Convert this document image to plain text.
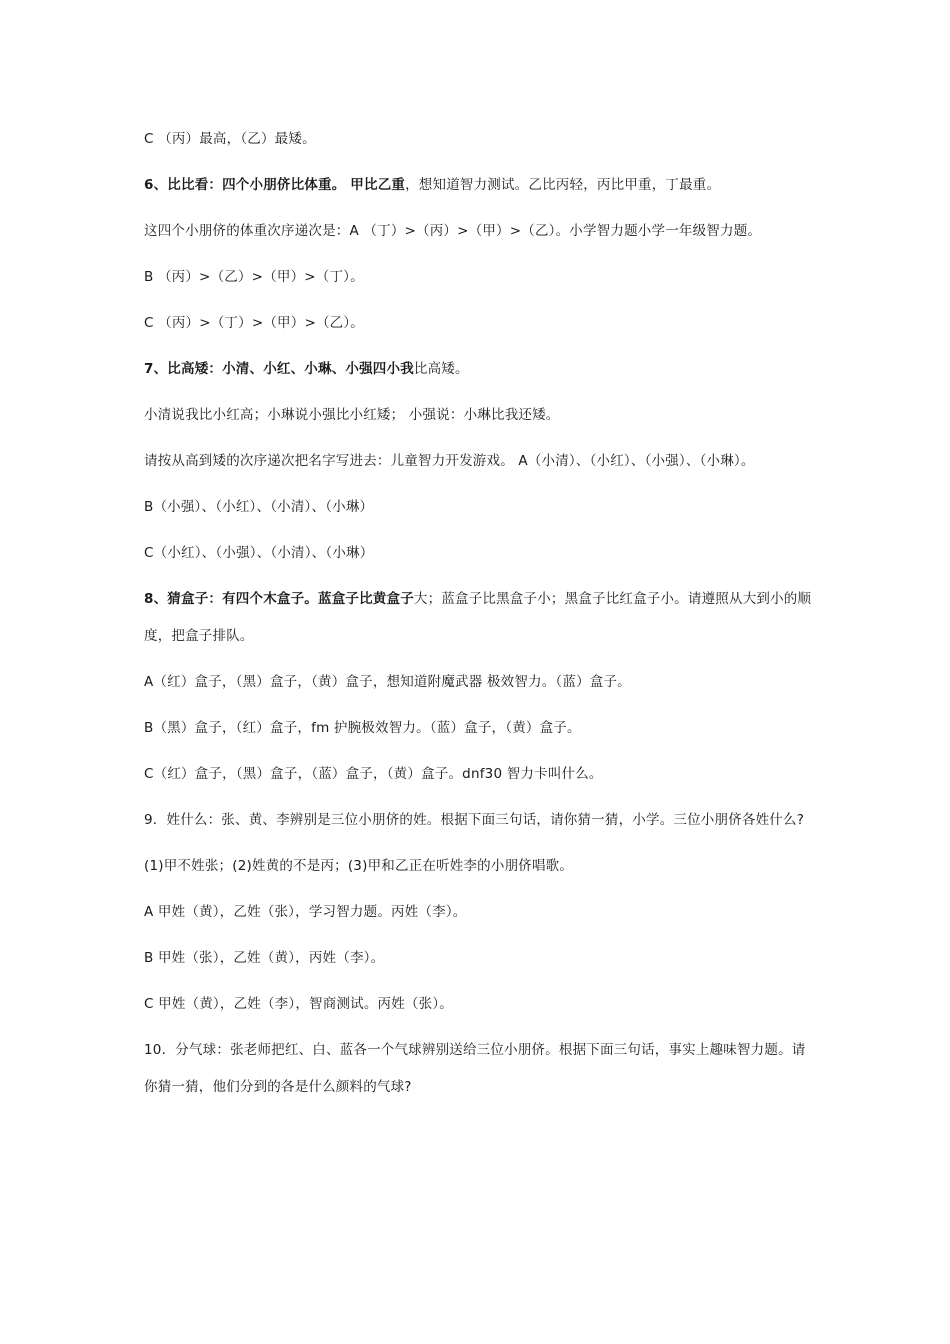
C （丙）最高，（乙）最矮。

6、比比看：四个小朋侪比体重。 甲比乙重，想知道智力测试。乙比丙轻，丙比甲重，丁最重。

这四个小朋侪的体重次序递次是：A （丁）>（丙）>（甲）>（乙）。小学智力题小学一年级智力题。

B （丙）>（乙）>（甲）>（丁）。

C （丙）>（丁）>（甲）>（乙）。

7、比高矮：小清、小红、小琳、小强四小我比高矮。

小清说我比小红高；小琳说小强比小红矮； 小强说：小琳比我还矮。

请按从高到矮的次序递次把名字写进去：儿童智力开发游戏。 A（小清）、（小红）、（小强）、（小琳）。

B（小强）、（小红）、（小清）、（小琳）

C（小红）、（小强）、（小清）、（小琳）

8、猜盒子：有四个木盒子。蓝盒子比黄盒子大；蓝盒子比黑盒子小；黑盒子比红盒子小。请遵照从大到小的顺度，把盒子排队。

A（红）盒子，（黑）盒子，（黄）盒子，想知道附魔武器 极效智力。（蓝）盒子。

B（黑）盒子，（红）盒子，fm 护腕极效智力。（蓝）盒子，（黄）盒子。

C（红）盒子，（黑）盒子，（蓝）盒子，（黄）盒子。dnf30 智力卡叫什么。

9．姓什么：张、黄、李辨别是三位小朋侪的姓。根据下面三句话，请你猜一猜，小学。三位小朋侪各姓什么?

(1)甲不姓张；(2)姓黄的不是丙；(3)甲和乙正在听姓李的小朋侪唱歌。

A 甲姓（黄），乙姓（张），学习智力题。丙姓（李）。

B 甲姓（张），乙姓（黄），丙姓（李）。

C 甲姓（黄），乙姓（李），智商测试。丙姓（张）。

10．分气球：张老师把红、白、蓝各一个气球辨别送给三位小朋侪。根据下面三句话，事实上趣味智力题。请你猜一猜，他们分到的各是什么颜料的气球?
